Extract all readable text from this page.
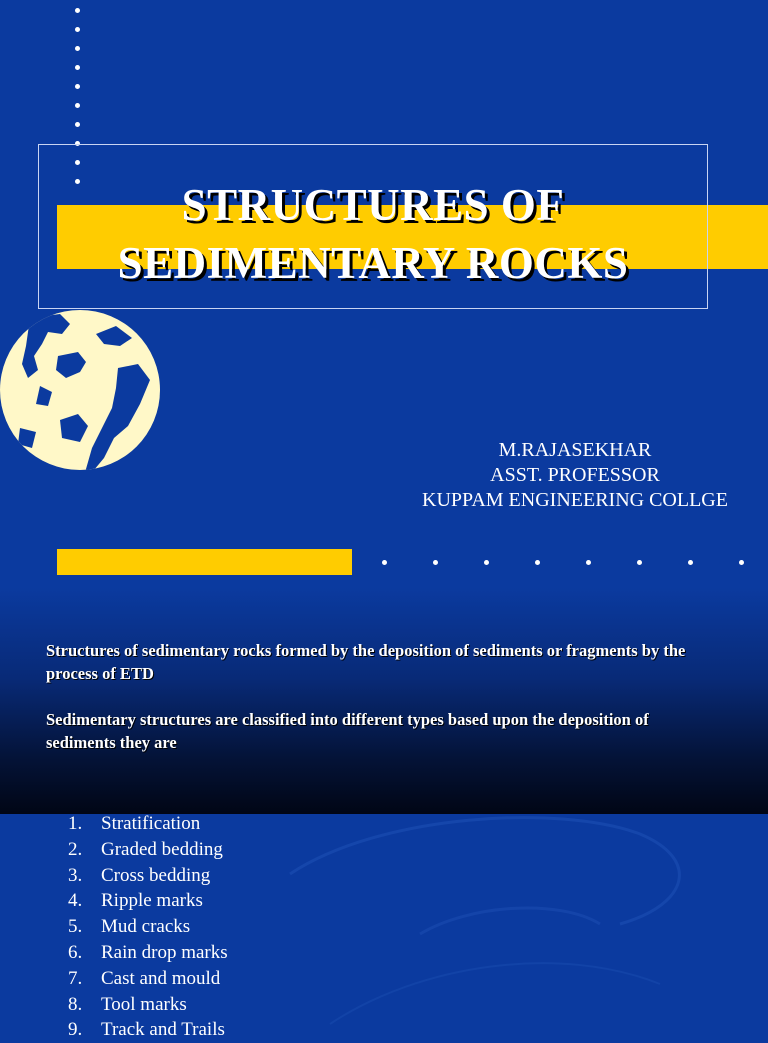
STRUCTURES OF
SEDIMENTARY ROCKS
M.RAJASEKHAR
ASST. PROFESSOR
KUPPAM ENGINEERING COLLGE

Structures of sedimentary rocks formed by the deposition of sediments or fragments by the process of ETD

Sedimentary structures are classified into different types based upon the deposition of sediments they are

1. Stratification
2. Graded bedding
3. Cross bedding
4. Ripple marks
5. Mud cracks
6. Rain drop marks
7. Cast and mould
8. Tool marks
9. Track and Trails
